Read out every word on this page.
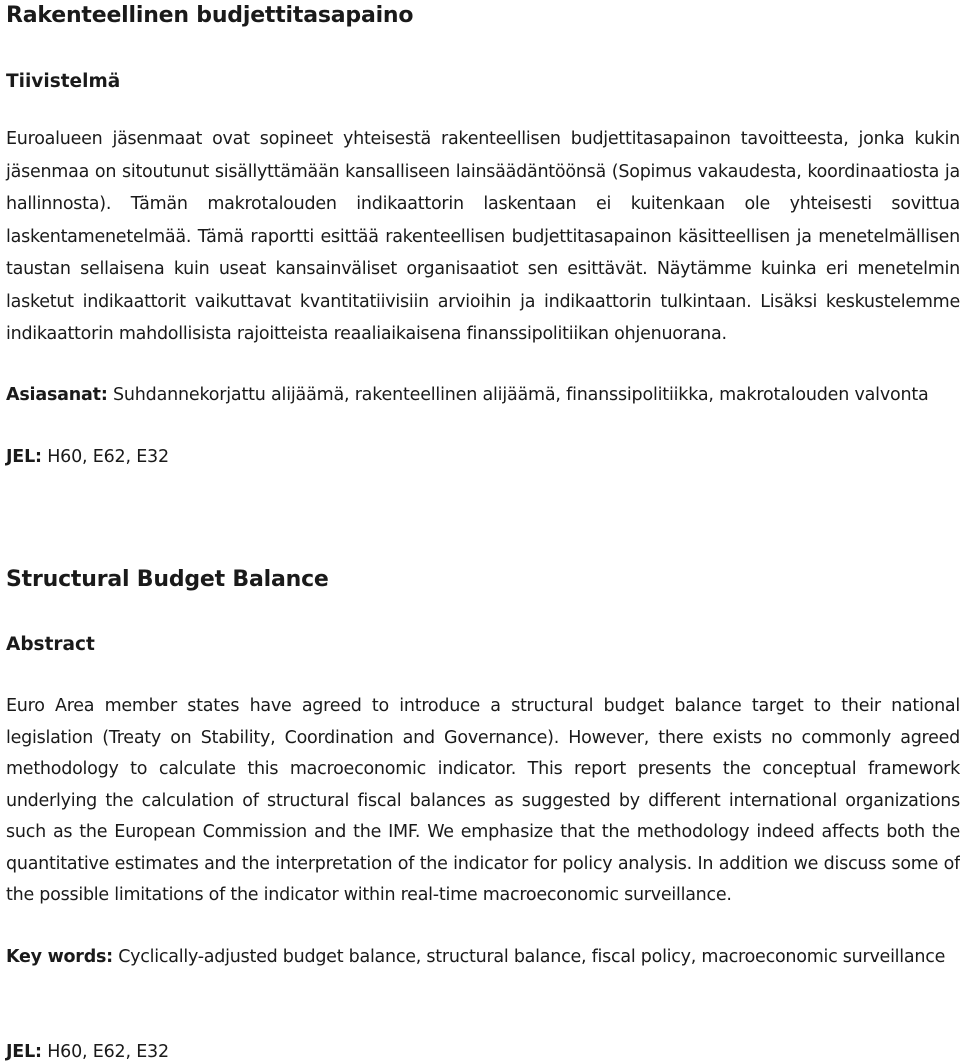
Rakenteellinen budjettitasapaino
Tiivistelmä
Euroalueen jäsenmaat ovat sopineet yhteisestä rakenteellisen budjettitasapainon tavoitteesta, jonka kukin jäsenmaa on sitoutunut sisällyttämään kansalliseen lainsäädäntöönsä (Sopimus vakaudesta, koordinaatiosta ja hallinnosta). Tämän makrotalouden indikaattorin laskentaan ei kuitenkaan ole yhteisesti sovittua laskentamenetelmää. Tämä raportti esittää rakenteellisen budjettitasapainon käsitteellisen ja menetelmällisen taustan sellaisena kuin useat kansainväliset organisaatiot sen esittävät. Näytämme kuinka eri menetelmin lasketut indikaattorit vaikuttavat kvantitatiivisiin arvioihin ja indikaattorin tulkintaan. Lisäksi keskustelemme indikaattorin mahdollisista rajoitteista reaaliaikaisena finanssipolitiikan ohjenuorana.
Asiasanat: Suhdannekorjattu alijäämä, rakenteellinen alijäämä, finanssipolitiikka, makrotalouden valvonta
JEL: H60, E62, E32
Structural Budget Balance
Abstract
Euro Area member states have agreed to introduce a structural budget balance target to their national legislation (Treaty on Stability, Coordination and Governance). However, there exists no commonly agreed methodology to calculate this macroeconomic indicator. This report presents the conceptual framework underlying the calculation of structural fiscal balances as suggested by different international organizations such as the European Commission and the IMF. We emphasize that the methodology indeed affects both the quantitative estimates and the interpretation of the indicator for policy analysis. In addition we discuss some of the possible limitations of the indicator within real-time macroeconomic surveillance.
Key words: Cyclically-adjusted budget balance, structural balance, fiscal policy, macroeconomic surveillance
JEL: H60, E62, E32
